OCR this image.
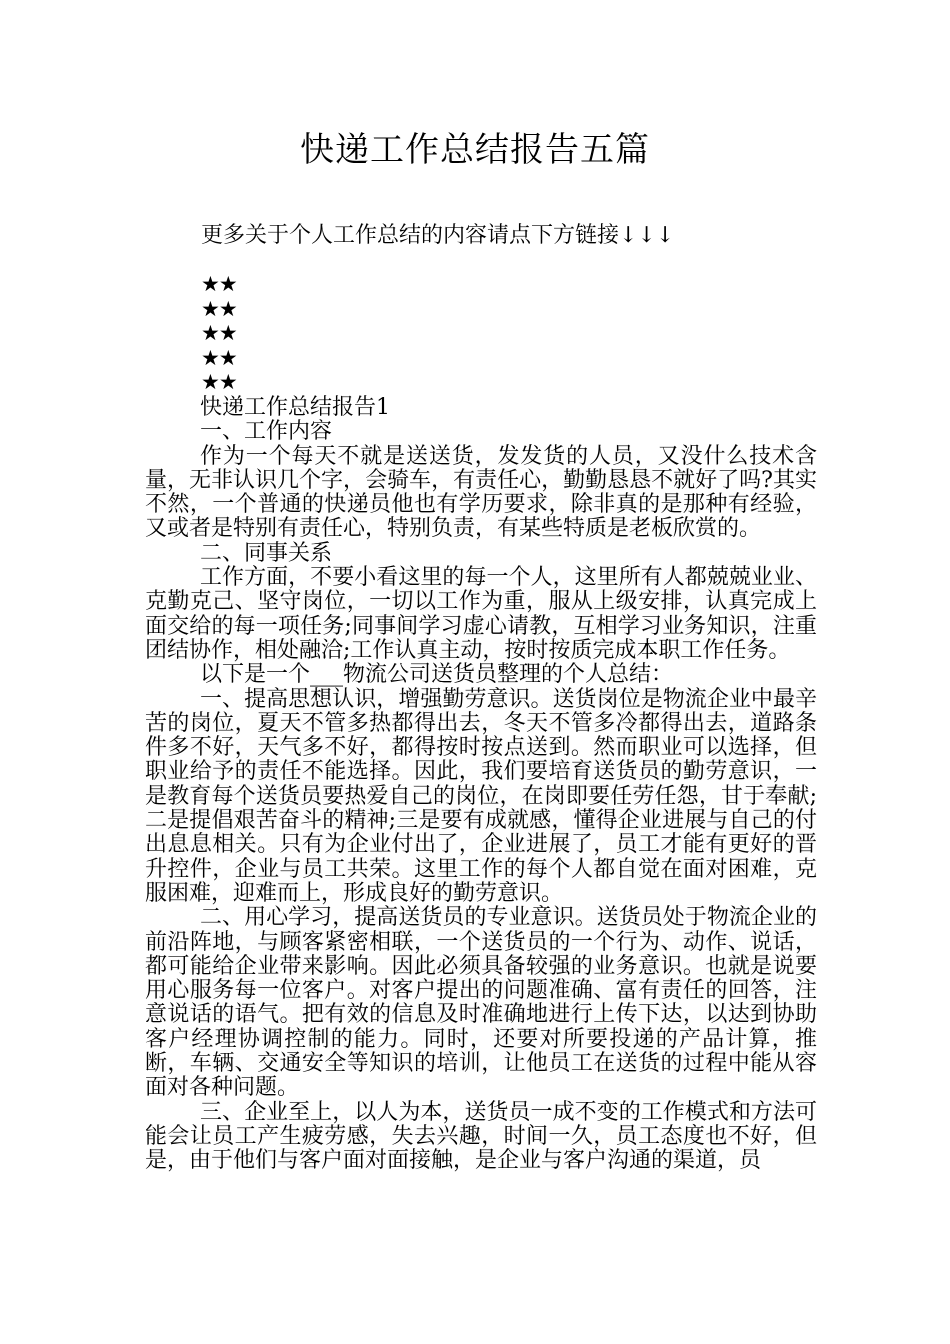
快递工作总结报告五篇
更多关于个人工作总结的内容请点下方链接↓↓↓
★★
★★
★★
★★
★★

快递工作总结报告1

一、工作内容

作为一个每天不就是送送货，发发货的人员，又没什么技术含量，无非认识几个字，会骑车，有责任心，勤勤恳恳不就好了吗?其实不然，一个普通的快递员他也有学历要求，除非真的是那种有经验，又或者是特别有责任心，特别负责，有某些特质是老板欣赏的。

二、同事关系

工作方面，不要小看这里的每一个人，这里所有人都兢兢业业、克勤克己、坚守岗位，一切以工作为重，服从上级安排，认真完成上面交给的每一项任务;同事间学习虚心请教，互相学习业务知识，注重团结协作，相处融洽;工作认真主动，按时按质完成本职工作任务。

以下是一个___物流公司送货员整理的个人总结：

一、提高思想认识，增强勤劳意识。送货岗位是物流企业中最辛苦的岗位，夏天不管多热都得出去，冬天不管多冷都得出去，道路条件多不好，天气多不好，都得按时按点送到。然而职业可以选择，但职业给予的责任不能选择。因此，我们要培育送货员的勤劳意识，一是教育每个送货员要热爱自己的岗位，在岗即要任劳任怨，甘于奉献;二是提倡艰苦奋斗的精神;三是要有成就感，懂得企业进展与自己的付出息息相关。只有为企业付出了，企业进展了，员工才能有更好的晋升控件，企业与员工共荣。这里工作的每个人都自觉在面对困难，克服困难，迎难而上，形成良好的勤劳意识。

二、用心学习，提高送货员的专业意识。送货员处于物流企业的前沿阵地，与顾客紧密相联，一个送货员的一个行为、动作、说话，都可能给企业带来影响。因此必须具备较强的业务意识。也就是说要用心服务每一位客户。对客户提出的问题准确、富有责任的回答，注意说话的语气。把有效的信息及时准确地进行上传下达，以达到协助客户经理协调控制的能力。同时，还要对所要投递的产品计算，推断，车辆、交通安全等知识的培训，让他员工在送货的过程中能从容面对各种问题。

三、企业至上，以人为本，送货员一成不变的工作模式和方法可能会让员工产生疲劳感，失去兴趣，时间一久，员工态度也不好，但是，由于他们与客户面对面接触，是企业与客户沟通的渠道，员
